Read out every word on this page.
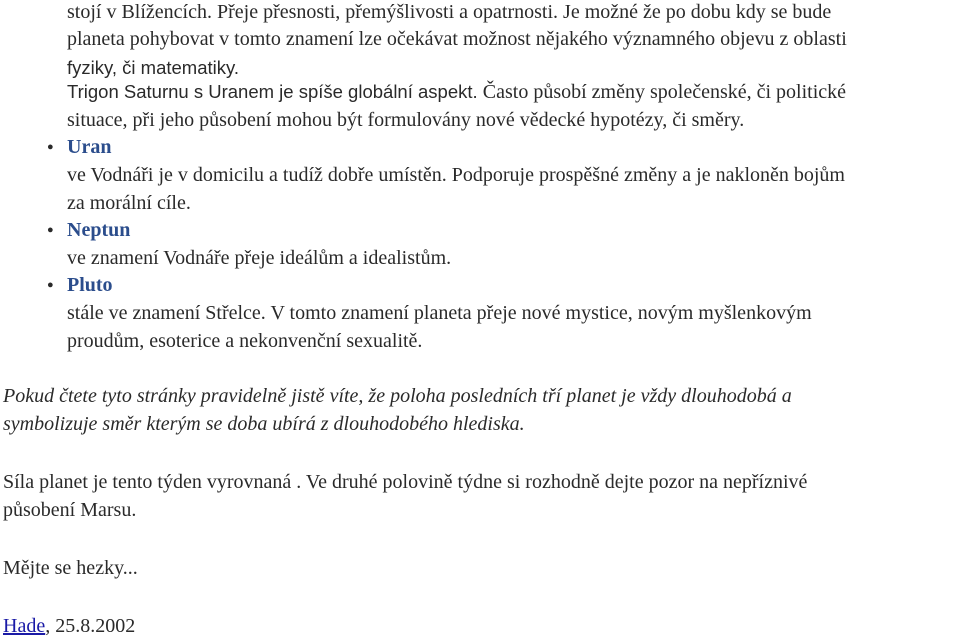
stojí v Blížencích. Přeje přesnosti, přemýšlivosti a opatrnosti. Je možné že po dobu kdy se bude
planeta pohybovat v tomto znamení lze očekávat možnost nějakého významného objevu z oblasti
fyziky, či matematiky.
Trigon Saturnu s Uranem je spíše globální aspekt. Často působí změny společenské, či politické
situace, při jeho působení mohou být formulovány nové vědecké hypotézy, či směry.
● Uran
ve Vodnáři je v domicilu a tudíž dobře umístěn. Podporuje prospěšné změny a je nakloněn bojům
za morální cíle.
● Neptun
ve znamení Vodnáře přeje ideálům a idealistům.
● Pluto
stále ve znamení Střelce. V tomto znamení planeta přeje nové mystice, novým myšlenkovým
proudům, esoterice a nekonvenční sexualitě.
Pokud čtete tyto stránky pravidelně jistě víte, že poloha posledních tří planet je vždy dlouhodobá a
symbolizuje směr kterým se doba ubírá z dlouhodobého hlediska.
Síla planet je tento týden vyrovnaná . Ve druhé polovině týdne si rozhodně dejte pozor na nepříznivé
působení Marsu.
Mějte se hezky...
Hade, 25.8.2002
